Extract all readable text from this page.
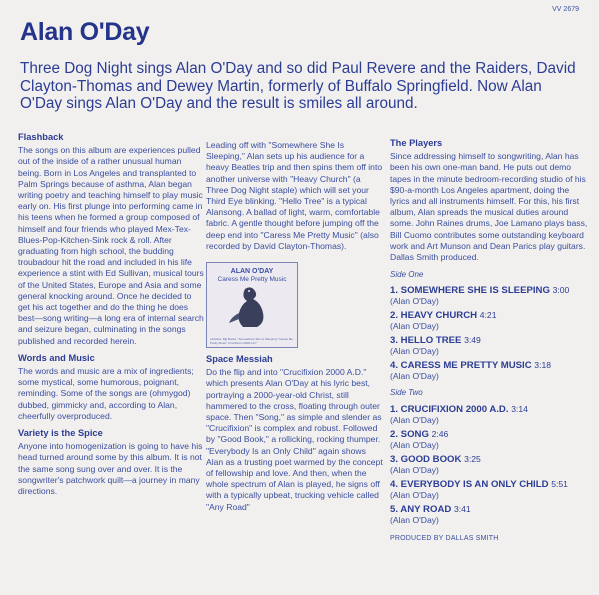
VV 2679
Alan O'Day

Three Dog Night sings Alan O'Day and so did Paul Revere and the Raiders, David Clayton-Thomas and Dewey Martin, formerly of Buffalo Springfield. Now Alan O'Day sings Alan O'Day and the result is smiles all around.

Flashback

The songs on this album are experiences pulled out of the inside of a rather unusual human being. Born in Los Angeles and transplanted to Palm Springs because of asthma, Alan began writing poetry and teaching himself to play music early on. His first plunge into performing came in his teens when he formed a group composed of himself and four friends who played Mex-Tex-Blues-Pop-Kitchen-Sink rock & roll. After graduating from high school, the budding troubadour hit the road and included in his life experience a stint with Ed Sullivan, musical tours of the United States, Europe and Asia and some general knocking around. Once he decided to get his act together and do the thing he does best—song writing—a long era of internal search and seizure began, culminating in the songs published and recorded herein.

Words and Music

The words and music are a mix of ingredients; some mystical, some humorous, poignant, reminding. Some of the songs are (ohmygod) dubbed, gimmicky and, according to Alan, cheerfully overproduced.

Variety is the Spice

Anyone into homogenization is going to have his head turned around some by this album. It is not the same song sung over and over. It is the songwriter's patchwork quilt—a journey in many directions.

Leading off with "Somewhere She Is Sleeping," Alan sets up his audience for a heavy Beatles trip and then spins them off into another universe with "Heavy Church" (a Three Dog Night staple) which will set your Third Eye blinking. "Hello Tree" is a typical Alansong. A ballad of light, warm, comfortable fabric. A gentle thought before jumping off the deep end into "Caress Me Pretty Music" (also recorded by David Clayton-Thomas).

ALAN O'DAY
Caress Me Pretty Music
Includes: Big Bucks' "Somewhere She Is Sleeping" Caress Me Pretty Music "Crucifixion 2000 A.D."
Space Messiah

Do the flip and into "Crucifixion 2000 A.D." which presents Alan O'Day at his lyric best, portraying a 2000-year-old Christ, still hammered to the cross, floating through outer space. Then "Song," as simple and slender as "Crucifixion" is complex and robust. Followed by "Good Book," a rollicking, rocking thumper. "Everybody Is an Only Child" again shows Alan as a trusting poet warmed by the concept of fellowship and love. And then, when the whole spectrum of Alan is played, he signs off with a typically upbeat, trucking vehicle called "Any Road"

The Players

Since addressing himself to songwriting, Alan has been his own one-man band. He puts out demo tapes in the minute bedroom-recording studio of his $90-a-month Los Angeles apartment, doing the lyrics and all instruments himself. For this, his first album, Alan spreads the musical duties around some. John Raines drums, Joe Lamano plays bass, Bill Cuomo contributes some outstanding keyboard work and Art Munson and Dean Parics play guitars. Dallas Smith produced.

Side One
1. SOMEWHERE SHE IS SLEEPING 3:00
(Alan O'Day)
2. HEAVY CHURCH 4:21
(Alan O'Day)
3. HELLO TREE 3:49
(Alan O'Day)
4. CARESS ME PRETTY MUSIC 3:18
(Alan O'Day)
Side Two
1. CRUCIFIXION 2000 A.D. 3:14
(Alan O'Day)
2. SONG 2:46
(Alan O'Day)
3. GOOD BOOK 3:25
(Alan O'Day)
4. EVERYBODY IS AN ONLY CHILD 5:51
(Alan O'Day)
5. ANY ROAD 3:41
(Alan O'Day)
PRODUCED BY DALLAS SMITH
